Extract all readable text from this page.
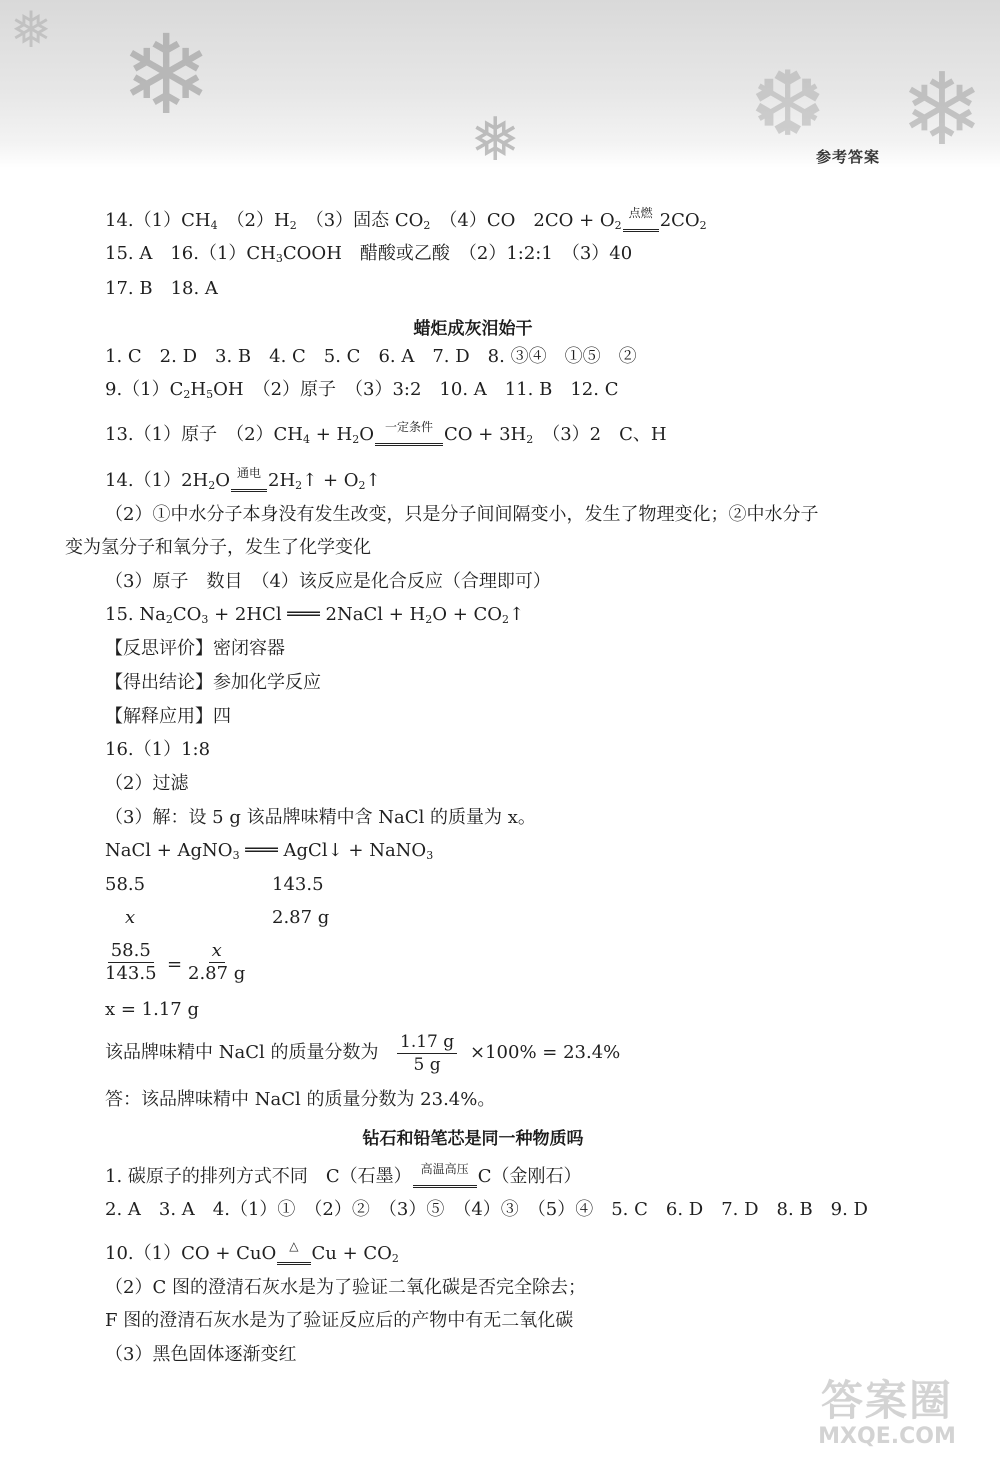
❄
❅	❆ ❄
❅
参考答案
$14.(1)CH_4$　 $(2)H_2$　 （3）固态 $CO_2$　 （4）CO　$2CO + O_2^{点燃}$ $2CO_2$
15. A　$16.(1)CH_3COOH$　醋酸或乙酸　（2）1:2:1　（3）40
17. B　18. A
蜡炬成灰泪始干
1. C　2. D　3. B　4. C　5. C　6. A　7. D　8. ③④　①⑤　②
$9.(1)C_2H_5OH$　（2）原子　（3）3:2　10. A　11. B　12. C
13.（1）原子　$(2)CH_4 + H_2O$ $^{一定条件}$ CO + $3H_2$　 （3）2　C、H
$14.(1)2H_2O$ $^{通电}$ $2H_2↑$ + $O_2↑$
（2）①中水分子本身没有发生改变，只是分子间间隔变小，发生了物理变化；②中水分子
变为氢分子和氧分子，发生了化学变化
（3）原子　数目　（4）该反应是化合反应（合理即可）
15. $Na_2CO_3 + 2HCl$ ═══ 2NaCl + $H_2O$ + $CO_2↑$
【反思评价】密闭容器
【得出结论】参加化学反应
【解释应用】四
16.（1）1:8
（2）过滤
（3）解：设 5 g 该品牌味精中含 NaCl 的质量为 x。
NaCl + AgNO$_3$ ═══ AgCl↓ + NaNO$_3$
58.5	143.5
x	2.87 g
$\frac{58.5}{143.5} = \frac{x}{2.87 g}$
x = 1.17 g
该品牌味精中 NaCl 的质量分数为 $\frac{1.17 g}{5 g} \times 100\% = 23.4\%$
答：该品牌味精中 NaCl 的质量分数为 23.4%。
钻石和铅笔芯是同一种物质吗
1. 碳原子的排列方式不同　C（石墨） $^{高温高压}$ C（金刚石）
2. A　3. A　4.（1）①　（2）②　（3）⑤　（4）③　（5）④　5. C　6. D　7. D　8. B　9. D
10.（1）CO + CuO △ $Cu + CO_2$
（2）C 图的澄清石灰水是为了验证二氧化碳是否完全除去；
F 图的澄清石灰水是为了验证反应后的产物中有无二氧化碳
（3）黑色固体逐渐变红
答案圈
MXQE.COM
